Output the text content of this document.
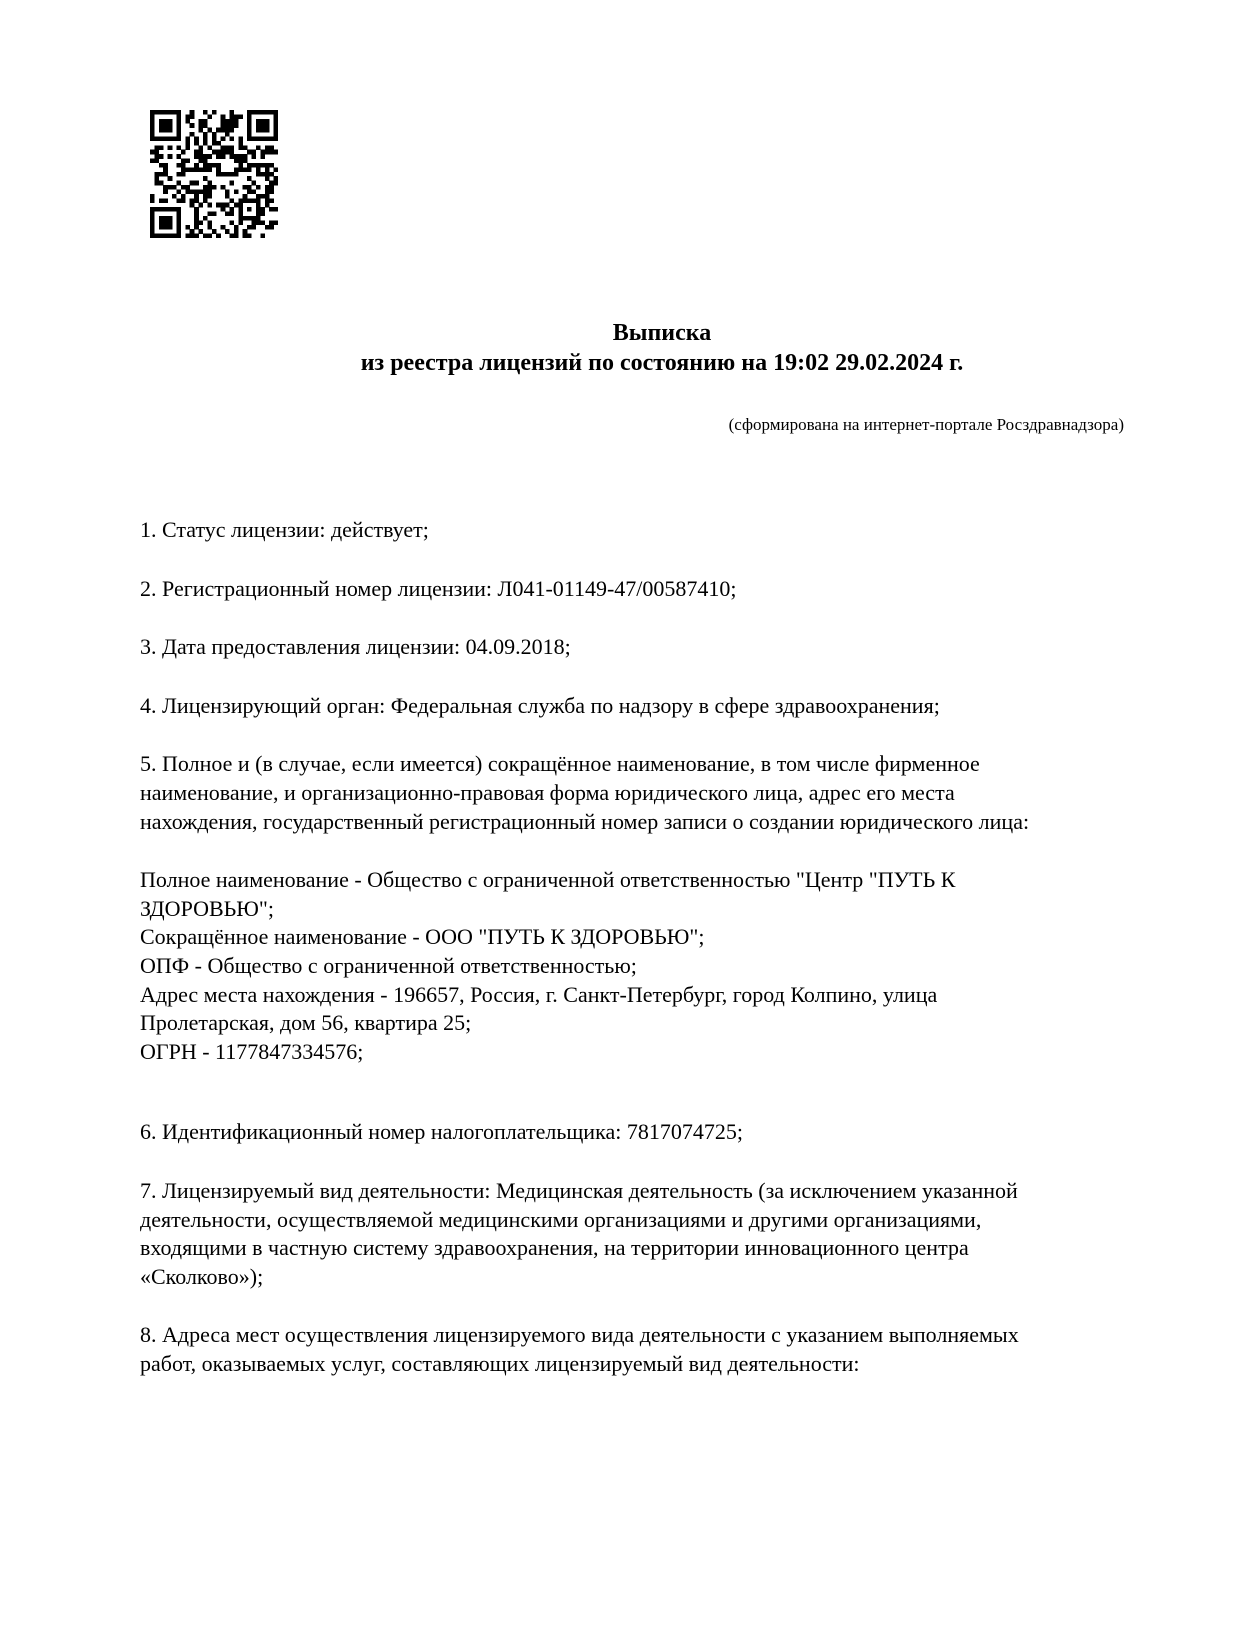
Выписка
из реестра лицензий по состоянию на 19:02 29.02.2024 г.
(сформирована на интернет-портале Росздравнадзора)
1. Статус лицензии: действует;
2. Регистрационный номер лицензии: Л041-01149-47/00587410;
3. Дата предоставления лицензии: 04.09.2018;
4. Лицензирующий орган: Федеральная служба по надзору в сфере здравоохранения;
5. Полное и (в случае, если имеется) сокращённое наименование, в том числе фирменное
наименование, и организационно-правовая форма юридического лица, адрес его места
нахождения, государственный регистрационный номер записи о создании юридического лица:
Полное наименование - Общество с ограниченной ответственностью "Центр "ПУТЬ К
ЗДОРОВЬЮ";
Сокращённое наименование - ООО "ПУТЬ К ЗДОРОВЬЮ";
ОПФ - Общество с ограниченной ответственностью;
Адрес места нахождения - 196657, Россия, г. Санкт-Петербург, город Колпино, улица
Пролетарская, дом 56, квартира 25;
ОГРН - 1177847334576;
6. Идентификационный номер налогоплательщика: 7817074725;
7. Лицензируемый вид деятельности: Медицинская деятельность (за исключением указанной
деятельности, осуществляемой медицинскими организациями и другими организациями,
входящими в частную систему здравоохранения, на территории инновационного центра
«Сколково»);
8. Адреса мест осуществления лицензируемого вида деятельности с указанием выполняемых
работ, оказываемых услуг, составляющих лицензируемый вид деятельности:
